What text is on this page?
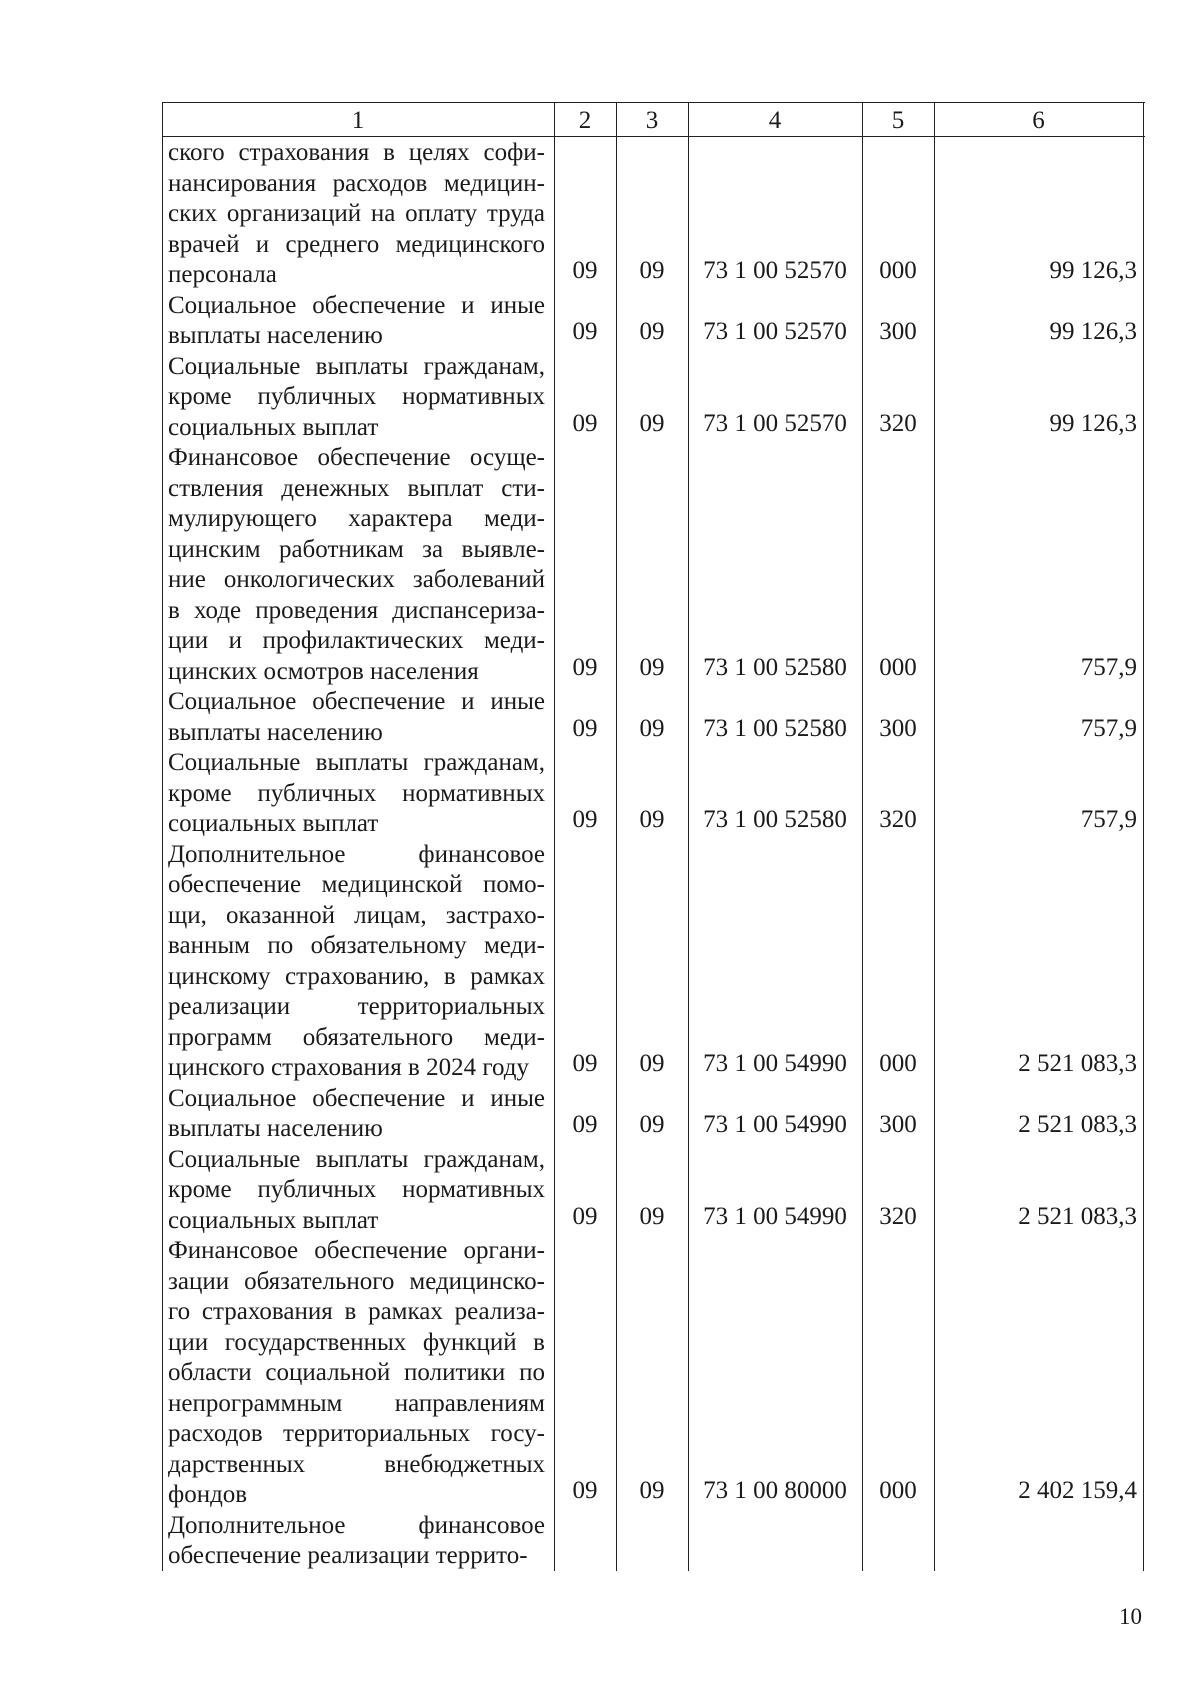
1	2	3	4	5	6
ского страхования в целях софи-
нансирования расходов медицин-
ских организаций на оплату труда
врачей и среднего медицинского
персонала	09	09	73 1 00 52570	000	99 126,3
Социальное обеспечение и иные
выплаты населению	09	09	73 1 00 52570	300	99 126,3
Социальные выплаты гражданам,
кроме публичных нормативных
социальных выплат	09	09	73 1 00 52570	320	99 126,3
Финансовое обеспечение осуще-
ствления денежных выплат сти-
мулирующего характера меди-
цинским работникам за выявле-
ние онкологических заболеваний
в ходе проведения диспансериза-
ции и профилактических меди-
цинских осмотров населения	09	09	73 1 00 52580	000	757,9
Социальное обеспечение и иные
выплаты населению	09	09	73 1 00 52580	300	757,9
Социальные выплаты гражданам,
кроме публичных нормативных
социальных выплат	09	09	73 1 00 52580	320	757,9
Дополнительное финансовое
обеспечение медицинской помо-
щи, оказанной лицам, застрахо-
ванным по обязательному меди-
цинскому страхованию, в рамках
реализации территориальных
программ обязательного меди-
цинского страхования в 2024 году	09	09	73 1 00 54990	000	2 521 083,3
Социальное обеспечение и иные
выплаты населению	09	09	73 1 00 54990	300	2 521 083,3
Социальные выплаты гражданам,
кроме публичных нормативных
социальных выплат	09	09	73 1 00 54990	320	2 521 083,3
Финансовое обеспечение органи-
зации обязательного медицинско-
го страхования в рамках реализа-
ции государственных функций в
области социальной политики по
непрограммным направлениям
расходов территориальных госу-
дарственных внебюджетных
фондов	09	09	73 1 00 80000	000	2 402 159,4
Дополнительное финансовое
обеспечение реализации террито-
10
